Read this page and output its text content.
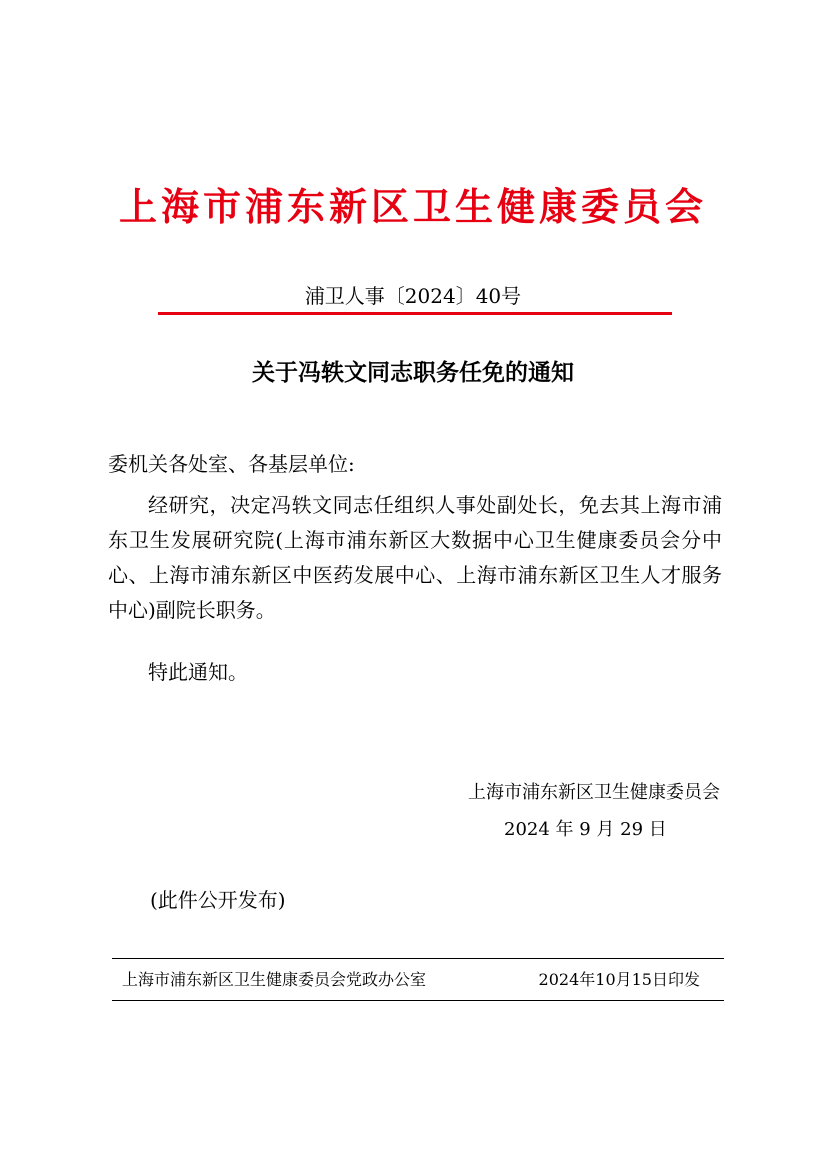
上海市浦东新区卫生健康委员会
浦卫人事〔2024〕40号
关于冯轶文同志职务任免的通知
委机关各处室、各基层单位:

经研究，决定冯轶文同志任组织人事处副处长，免去其上海市浦东卫生发展研究院(上海市浦东新区大数据中心卫生健康委员会分中心、上海市浦东新区中医药发展中心、上海市浦东新区卫生人才服务中心)副院长职务。

特此通知。
上海市浦东新区卫生健康委员会
2024 年 9 月 29 日
(此件公开发布)
上海市浦东新区卫生健康委员会党政办公室	2024年10月15日印发
